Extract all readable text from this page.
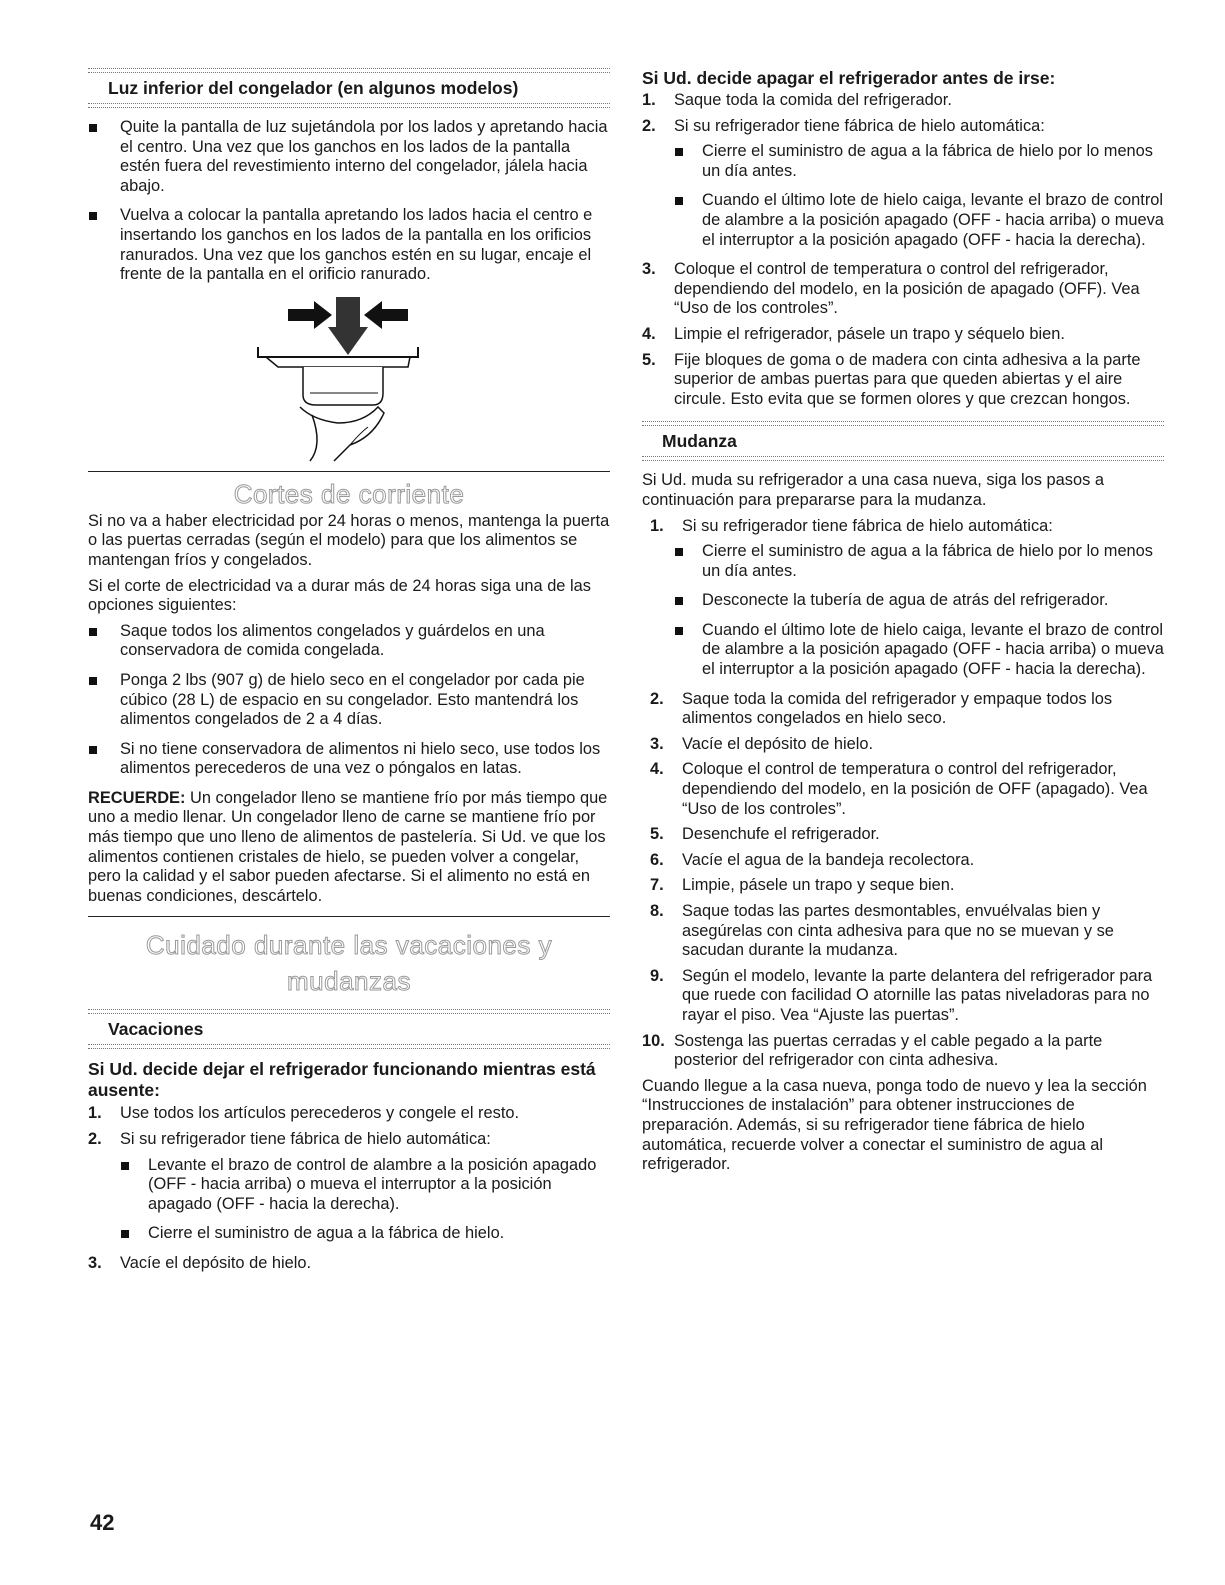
Luz inferior del congelador (en algunos modelos)

Quite la pantalla de luz sujetándola por los lados y apretando hacia el centro. Una vez que los ganchos en los lados de la pantalla estén fuera del revestimiento interno del congelador, jálela hacia abajo.

Vuelva a colocar la pantalla apretando los lados hacia el centro e insertando los ganchos en los lados de la pantalla en los orificios ranurados. Una vez que los ganchos estén en su lugar, encaje el frente de la pantalla en el orificio ranurado.

Cortes de corriente

Si no va a haber electricidad por 24 horas o menos, mantenga la puerta o las puertas cerradas (según el modelo) para que los alimentos se mantengan fríos y congelados.

Si el corte de electricidad va a durar más de 24 horas siga una de las opciones siguientes:

Saque todos los alimentos congelados y guárdelos en una conservadora de comida congelada.

Ponga 2 lbs (907 g) de hielo seco en el congelador por cada pie cúbico (28 L) de espacio en su congelador. Esto mantendrá los alimentos congelados de 2 a 4 días.

Si no tiene conservadora de alimentos ni hielo seco, use todos los alimentos perecederos de una vez o póngalos en latas.

RECUERDE: Un congelador lleno se mantiene frío por más tiempo que uno a medio llenar. Un congelador lleno de carne se mantiene frío por más tiempo que uno lleno de alimentos de pastelería. Si Ud. ve que los alimentos contienen cristales de hielo, se pueden volver a congelar, pero la calidad y el sabor pueden afectarse. Si el alimento no está en buenas condiciones, descártelo.

Cuidado durante las vacaciones y
mudanzas
Vacaciones
Si Ud. decide dejar el refrigerador funcionando mientras está ausente:

1. Use todos los artículos perecederos y congele el resto.

2. Si su refrigerador tiene fábrica de hielo automática:

Levante el brazo de control de alambre a la posición apagado (OFF - hacia arriba) o mueva el interruptor a la posición apagado (OFF - hacia la derecha).

Cierre el suministro de agua a la fábrica de hielo.

3. Vacíe el depósito de hielo.

Si Ud. decide apagar el refrigerador antes de irse:

1. Saque toda la comida del refrigerador.

2. Si su refrigerador tiene fábrica de hielo automática:

Cierre el suministro de agua a la fábrica de hielo por lo menos un día antes.

Cuando el último lote de hielo caiga, levante el brazo de control de alambre a la posición apagado (OFF - hacia arriba) o mueva el interruptor a la posición apagado (OFF - hacia la derecha).

3. Coloque el control de temperatura o control del refrigerador, dependiendo del modelo, en la posición de apagado (OFF). Vea “Uso de los controles”.

4. Limpie el refrigerador, pásele un trapo y séquelo bien.

5. Fije bloques de goma o de madera con cinta adhesiva a la parte superior de ambas puertas para que queden abiertas y el aire circule. Esto evita que se formen olores y que crezcan hongos.

Mudanza

Si Ud. muda su refrigerador a una casa nueva, siga los pasos a continuación para prepararse para la mudanza.

1. Si su refrigerador tiene fábrica de hielo automática:

Cierre el suministro de agua a la fábrica de hielo por lo menos un día antes.

Desconecte la tubería de agua de atrás del refrigerador.

Cuando el último lote de hielo caiga, levante el brazo de control de alambre a la posición apagado (OFF - hacia arriba) o mueva el interruptor a la posición apagado (OFF - hacia la derecha).

2. Saque toda la comida del refrigerador y empaque todos los alimentos congelados en hielo seco.

3. Vacíe el depósito de hielo.

4. Coloque el control de temperatura o control del refrigerador, dependiendo del modelo, en la posición de OFF (apagado). Vea “Uso de los controles”.

5. Desenchufe el refrigerador.

6. Vacíe el agua de la bandeja recolectora.

7. Limpie, pásele un trapo y seque bien.

8. Saque todas las partes desmontables, envuélvalas bien y asegúrelas con cinta adhesiva para que no se muevan y se sacudan durante la mudanza.

9. Según el modelo, levante la parte delantera del refrigerador para que ruede con facilidad O atornille las patas niveladoras para no rayar el piso. Vea “Ajuste las puertas”.

10. Sostenga las puertas cerradas y el cable pegado a la parte posterior del refrigerador con cinta adhesiva.

Cuando llegue a la casa nueva, ponga todo de nuevo y lea la sección “Instrucciones de instalación” para obtener instrucciones de preparación. Además, si su refrigerador tiene fábrica de hielo automática, recuerde volver a conectar el suministro de agua al refrigerador.

42
